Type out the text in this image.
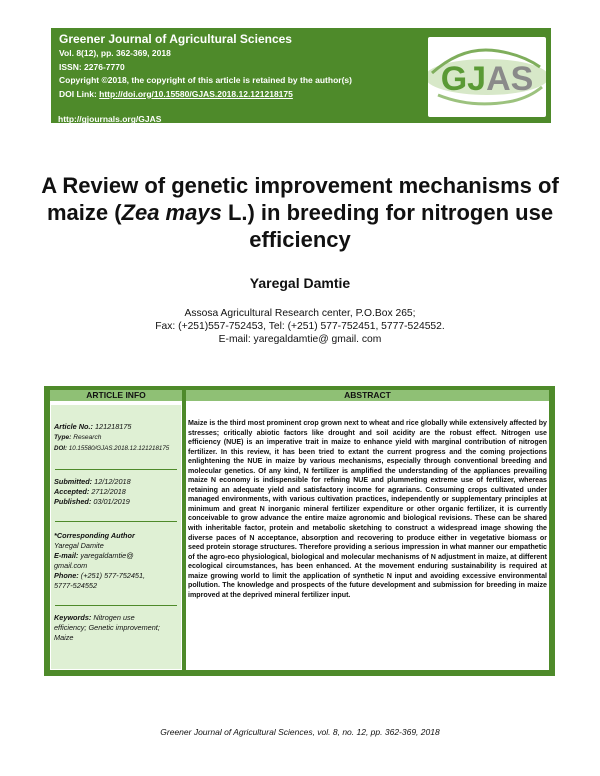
Greener Journal of Agricultural Sciences
Vol. 8(12), pp. 362-369, 2018
ISSN: 2276-7770
Copyright ©2018, the copyright of this article is retained by the author(s)
DOI Link: http://doi.org/10.15580/GJAS.2018.12.121218175	GJAS
http://gjournals.org/GJAS
A Review of genetic improvement mechanisms of maize (Zea mays L.) in breeding for nitrogen use efficiency
Yaregal Damtie
Assosa Agricultural Research center, P.O.Box 265;
Fax: (+251)557-752453, Tel: (+251) 577-752451, 5777-524552.
E-mail: yaregaldamtie@ gmail. com
ARTICLE INFO	ABSTRACT
Article No.: 121218175
Type: Research
DOI: 10.15580/GJAS.2018.12.121218175
Submitted: 12/12/2018
Accepted: 2712/2018
Published: 03/01/2019
*Corresponding Author
Yaregal Damite
E-mail: yaregaldamtie@
gmail.com
Phone: (+251) 577-752451,
5777-524552
Keywords: Nitrogen use
efficiency; Genetic improvement;
Maize
Maize is the third most prominent crop grown next to wheat and rice globally while extensively affected by stresses; critically abiotic factors like drought and soil acidity are the robust effect. Nitrogen use efficiency (NUE) is an imperative trait in maize to enhance yield with marginal contribution of nitrogen fertilizer. In this review, it has been tried to extant the current progress and the coming projections enlightening the NUE in maize by various mechanisms, especially through conventional breeding and molecular genetics. Of any kind, N fertilizer is amplified the understanding of the appliances prevailing maize N economy is indispensible for refining NUE and plummeting extreme use of fertilizer, whereas retaining an adequate yield and satisfactory income for agrarians. Consuming crops cultivated under managed environments, with various cultivation practices, independently or supplementary principles at minimum and great N inorganic mineral fertilizer expenditure or other organic fertilizer, it is currently conceivable to grow advance the entire maize agronomic and biological revisions. These can be shared with inheritable factor, protein and metabolic sketching to construct a widespread image showing the diverse paces of N acceptance, absorption and recovering to produce either in vegetative biomass or seed protein storage structures. Therefore providing a serious impression in what manner our empathetic of the agro-eco physiological, biological and molecular mechanisms of N adjustment in maize, at different ecological circumstances, has been enhanced. At the movement enduring sustainability is required at maize growing world to limit the application of synthetic N input and avoiding excessive environmental pollution. The knowledge and prospects of the future development and submission for breeding in maize improved at the deprived mineral fertilizer input.
Greener Journal of Agricultural Sciences, vol. 8, no. 12, pp. 362-369, 2018
